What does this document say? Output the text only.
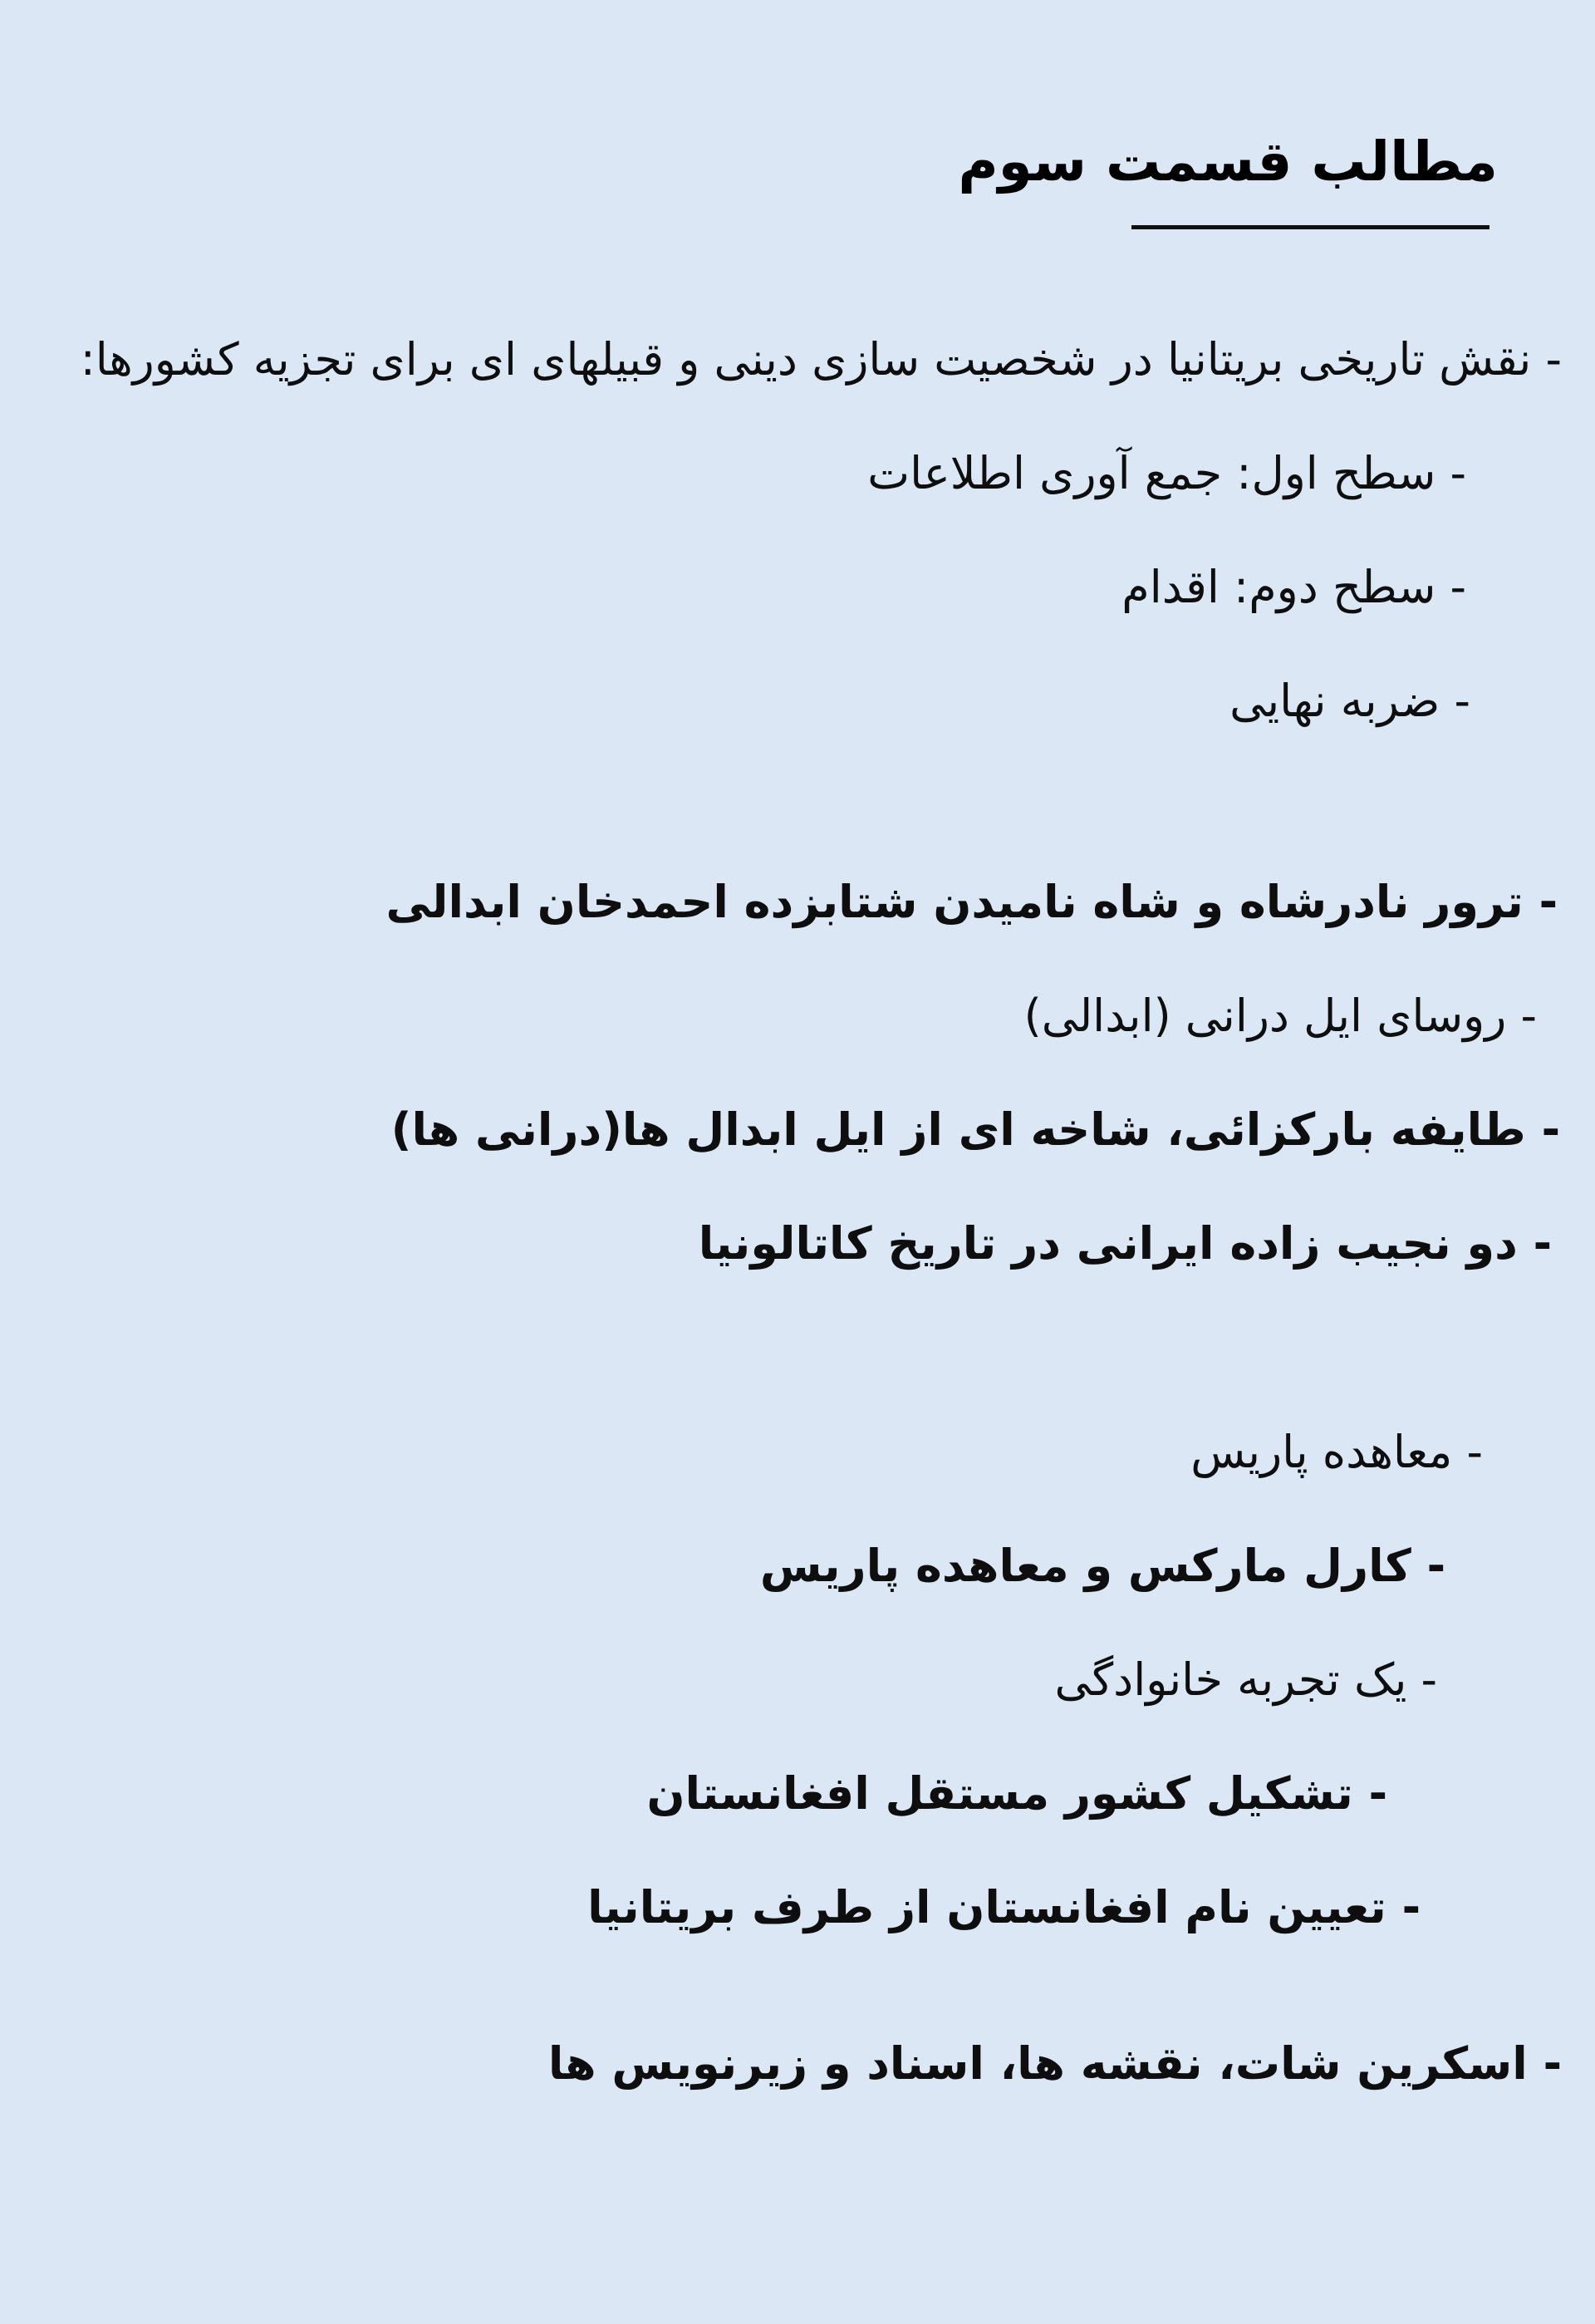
مطالب قسمت سوم
- نقش تاریخی بریتانیا در شخصیت سازی دینی و قبیلهای ای برای تجزیه کشورها:
- سطح اول: جمع آوری اطلاعات
- سطح دوم: اقدام
- ضربه نهایی
- ترور نادرشاه و شاه نامیدن شتابزده احمدخان ابدالی
- روسای ایل درانی (ابدالی)
- طایفه بارکزائی، شاخه ای از ایل ابدال ها(درانی ها)
- دو نجیب زاده ایرانی در تاریخ کاتالونیا
- معاهده پاریس
- کارل مارکس و معاهده پاریس
- یک تجربه خانوادگی
- تشکیل کشور مستقل افغانستان
- تعیین نام افغانستان از طرف بریتانیا
- اسکرین شات، نقشه ها، اسناد و زیرنویس ها
